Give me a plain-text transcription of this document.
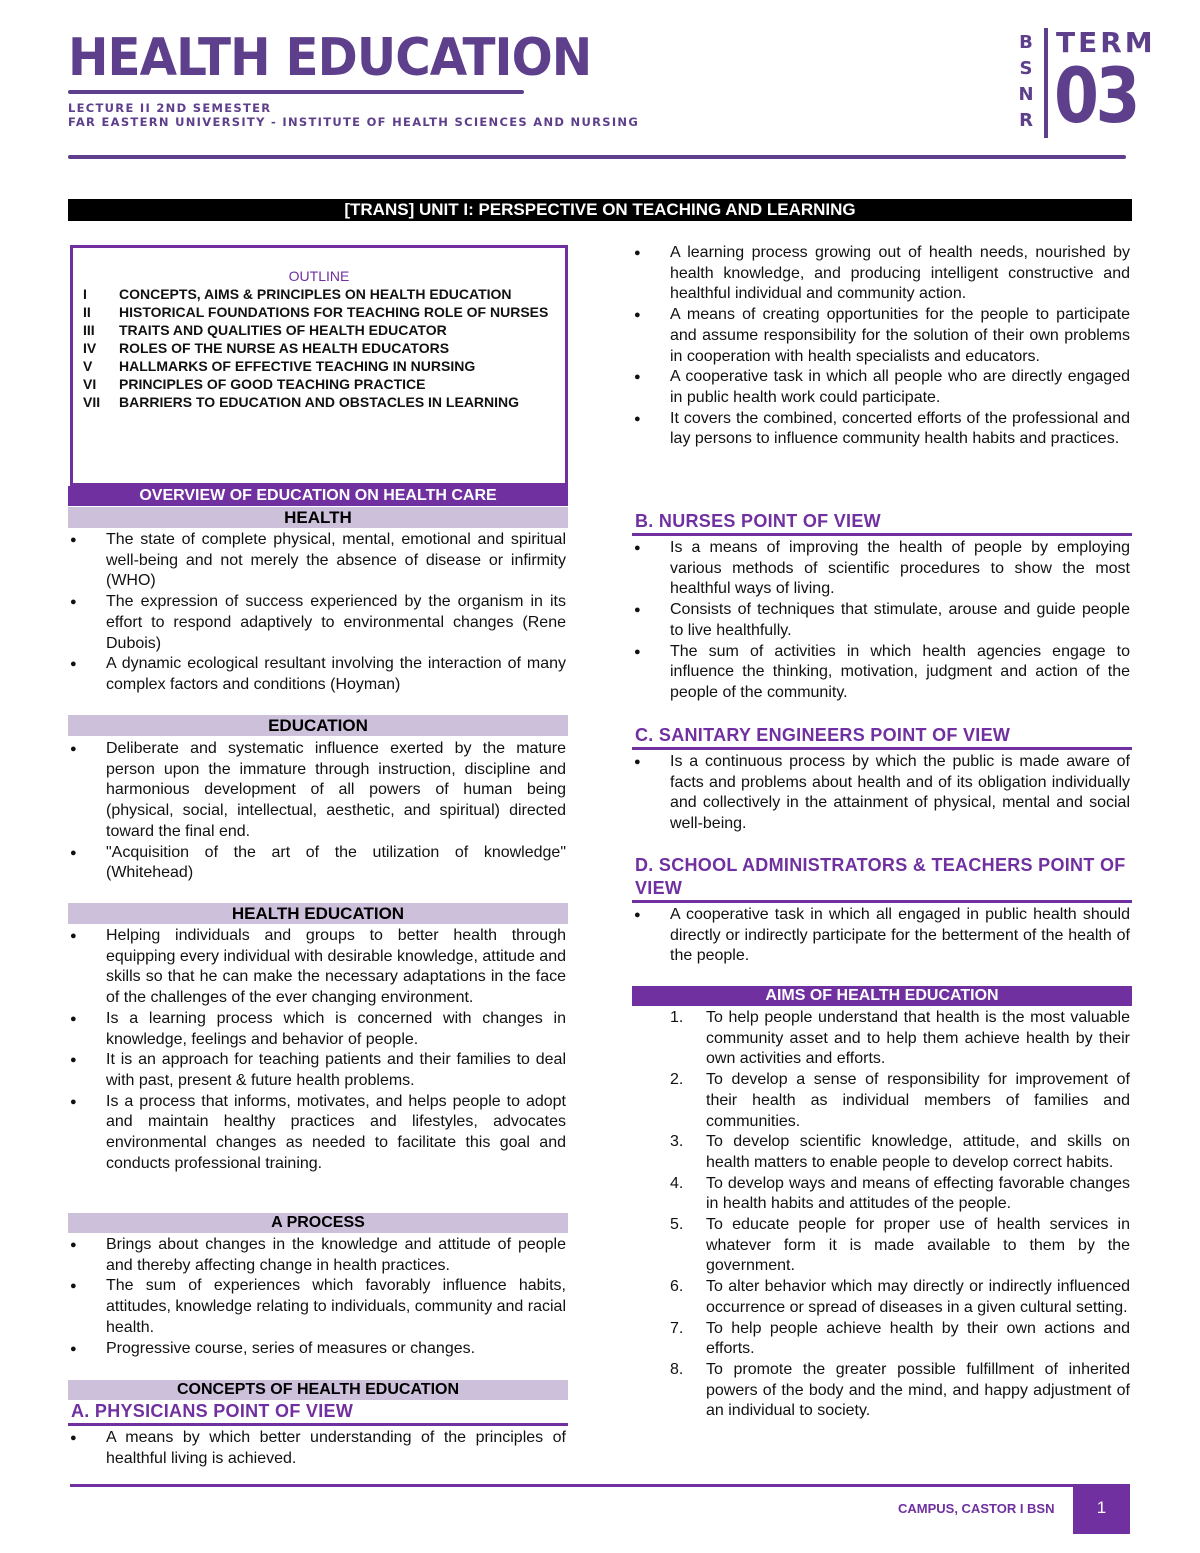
HEALTH EDUCATION
LECTURE II 2ND SEMESTER
FAR EASTERN UNIVERSITY - INSTITUTE OF HEALTH SCIENCES AND NURSING
B
S
N
R
TERM
03
[TRANS] UNIT I: PERSPECTIVE ON TEACHING AND LEARNING
OUTLINE
I	CONCEPTS, AIMS & PRINCIPLES ON HEALTH EDUCATION
II	HISTORICAL FOUNDATIONS FOR TEACHING ROLE OF NURSES
III	TRAITS AND QUALITIES OF HEALTH EDUCATOR
IV	ROLES OF THE NURSE AS HEALTH EDUCATORS
V	HALLMARKS OF EFFECTIVE TEACHING IN NURSING
VI	PRINCIPLES OF GOOD TEACHING PRACTICE
VII	BARRIERS TO EDUCATION AND OBSTACLES IN LEARNING
OVERVIEW OF EDUCATION ON HEALTH CARE
HEALTH
● The state of complete physical, mental, emotional and spiritual well-being and not merely the absence of disease or infirmity (WHO)
● The expression of success experienced by the organism in its effort to respond adaptively to environmental changes (Rene Dubois)
● A dynamic ecological resultant involving the interaction of many complex factors and conditions (Hoyman)
EDUCATION
● Deliberate and systematic influence exerted by the mature person upon the immature through instruction, discipline and harmonious development of all powers of human being (physical, social, intellectual, aesthetic, and spiritual) directed toward the final end.
● "Acquisition of the art of the utilization of knowledge" (Whitehead)
HEALTH EDUCATION
● Helping individuals and groups to better health through equipping every individual with desirable knowledge, attitude and skills so that he can make the necessary adaptations in the face of the challenges of the ever changing environment.
● Is a learning process which is concerned with changes in knowledge, feelings and behavior of people.
● It is an approach for teaching patients and their families to deal with past, present & future health problems.
● Is a process that informs, motivates, and helps people to adopt and maintain healthy practices and lifestyles, advocates environmental changes as needed to facilitate this goal and conducts professional training.
A PROCESS
● Brings about changes in the knowledge and attitude of people and thereby affecting change in health practices.
● The sum of experiences which favorably influence habits, attitudes, knowledge relating to individuals, community and racial health.
● Progressive course, series of measures or changes.
CONCEPTS OF HEALTH EDUCATION
A. PHYSICIANS POINT OF VIEW
● A means by which better understanding of the principles of healthful living is achieved.
● A learning process growing out of health needs, nourished by health knowledge, and producing intelligent constructive and healthful individual and community action.
● A means of creating opportunities for the people to participate and assume responsibility for the solution of their own problems in cooperation with health specialists and educators.
● A cooperative task in which all people who are directly engaged in public health work could participate.
● It covers the combined, concerted efforts of the professional and lay persons to influence community health habits and practices.
B. NURSES POINT OF VIEW
● Is a means of improving the health of people by employing various methods of scientific procedures to show the most healthful ways of living.
● Consists of techniques that stimulate, arouse and guide people to live healthfully.
● The sum of activities in which health agencies engage to influence the thinking, motivation, judgment and action of the people of the community.
C. SANITARY ENGINEERS POINT OF VIEW
● Is a continuous process by which the public is made aware of facts and problems about health and of its obligation individually and collectively in the attainment of physical, mental and social well-being.
D. SCHOOL ADMINISTRATORS & TEACHERS POINT OF VIEW
● A cooperative task in which all engaged in public health should directly or indirectly participate for the betterment of the health of the people.
AIMS OF HEALTH EDUCATION
1. To help people understand that health is the most valuable community asset and to help them achieve health by their own activities and efforts.
2. To develop a sense of responsibility for improvement of their health as individual members of families and communities.
3. To develop scientific knowledge, attitude, and skills on health matters to enable people to develop correct habits.
4. To develop ways and means of effecting favorable changes in health habits and attitudes of the people.
5. To educate people for proper use of health services in whatever form it is made available to them by the government.
6. To alter behavior which may directly or indirectly influenced occurrence or spread of diseases in a given cultural setting.
7. To help people achieve health by their own actions and efforts.
8. To promote the greater possible fulfillment of inherited powers of the body and the mind, and happy adjustment of an individual to society.
CAMPUS, CASTOR I BSN	1
